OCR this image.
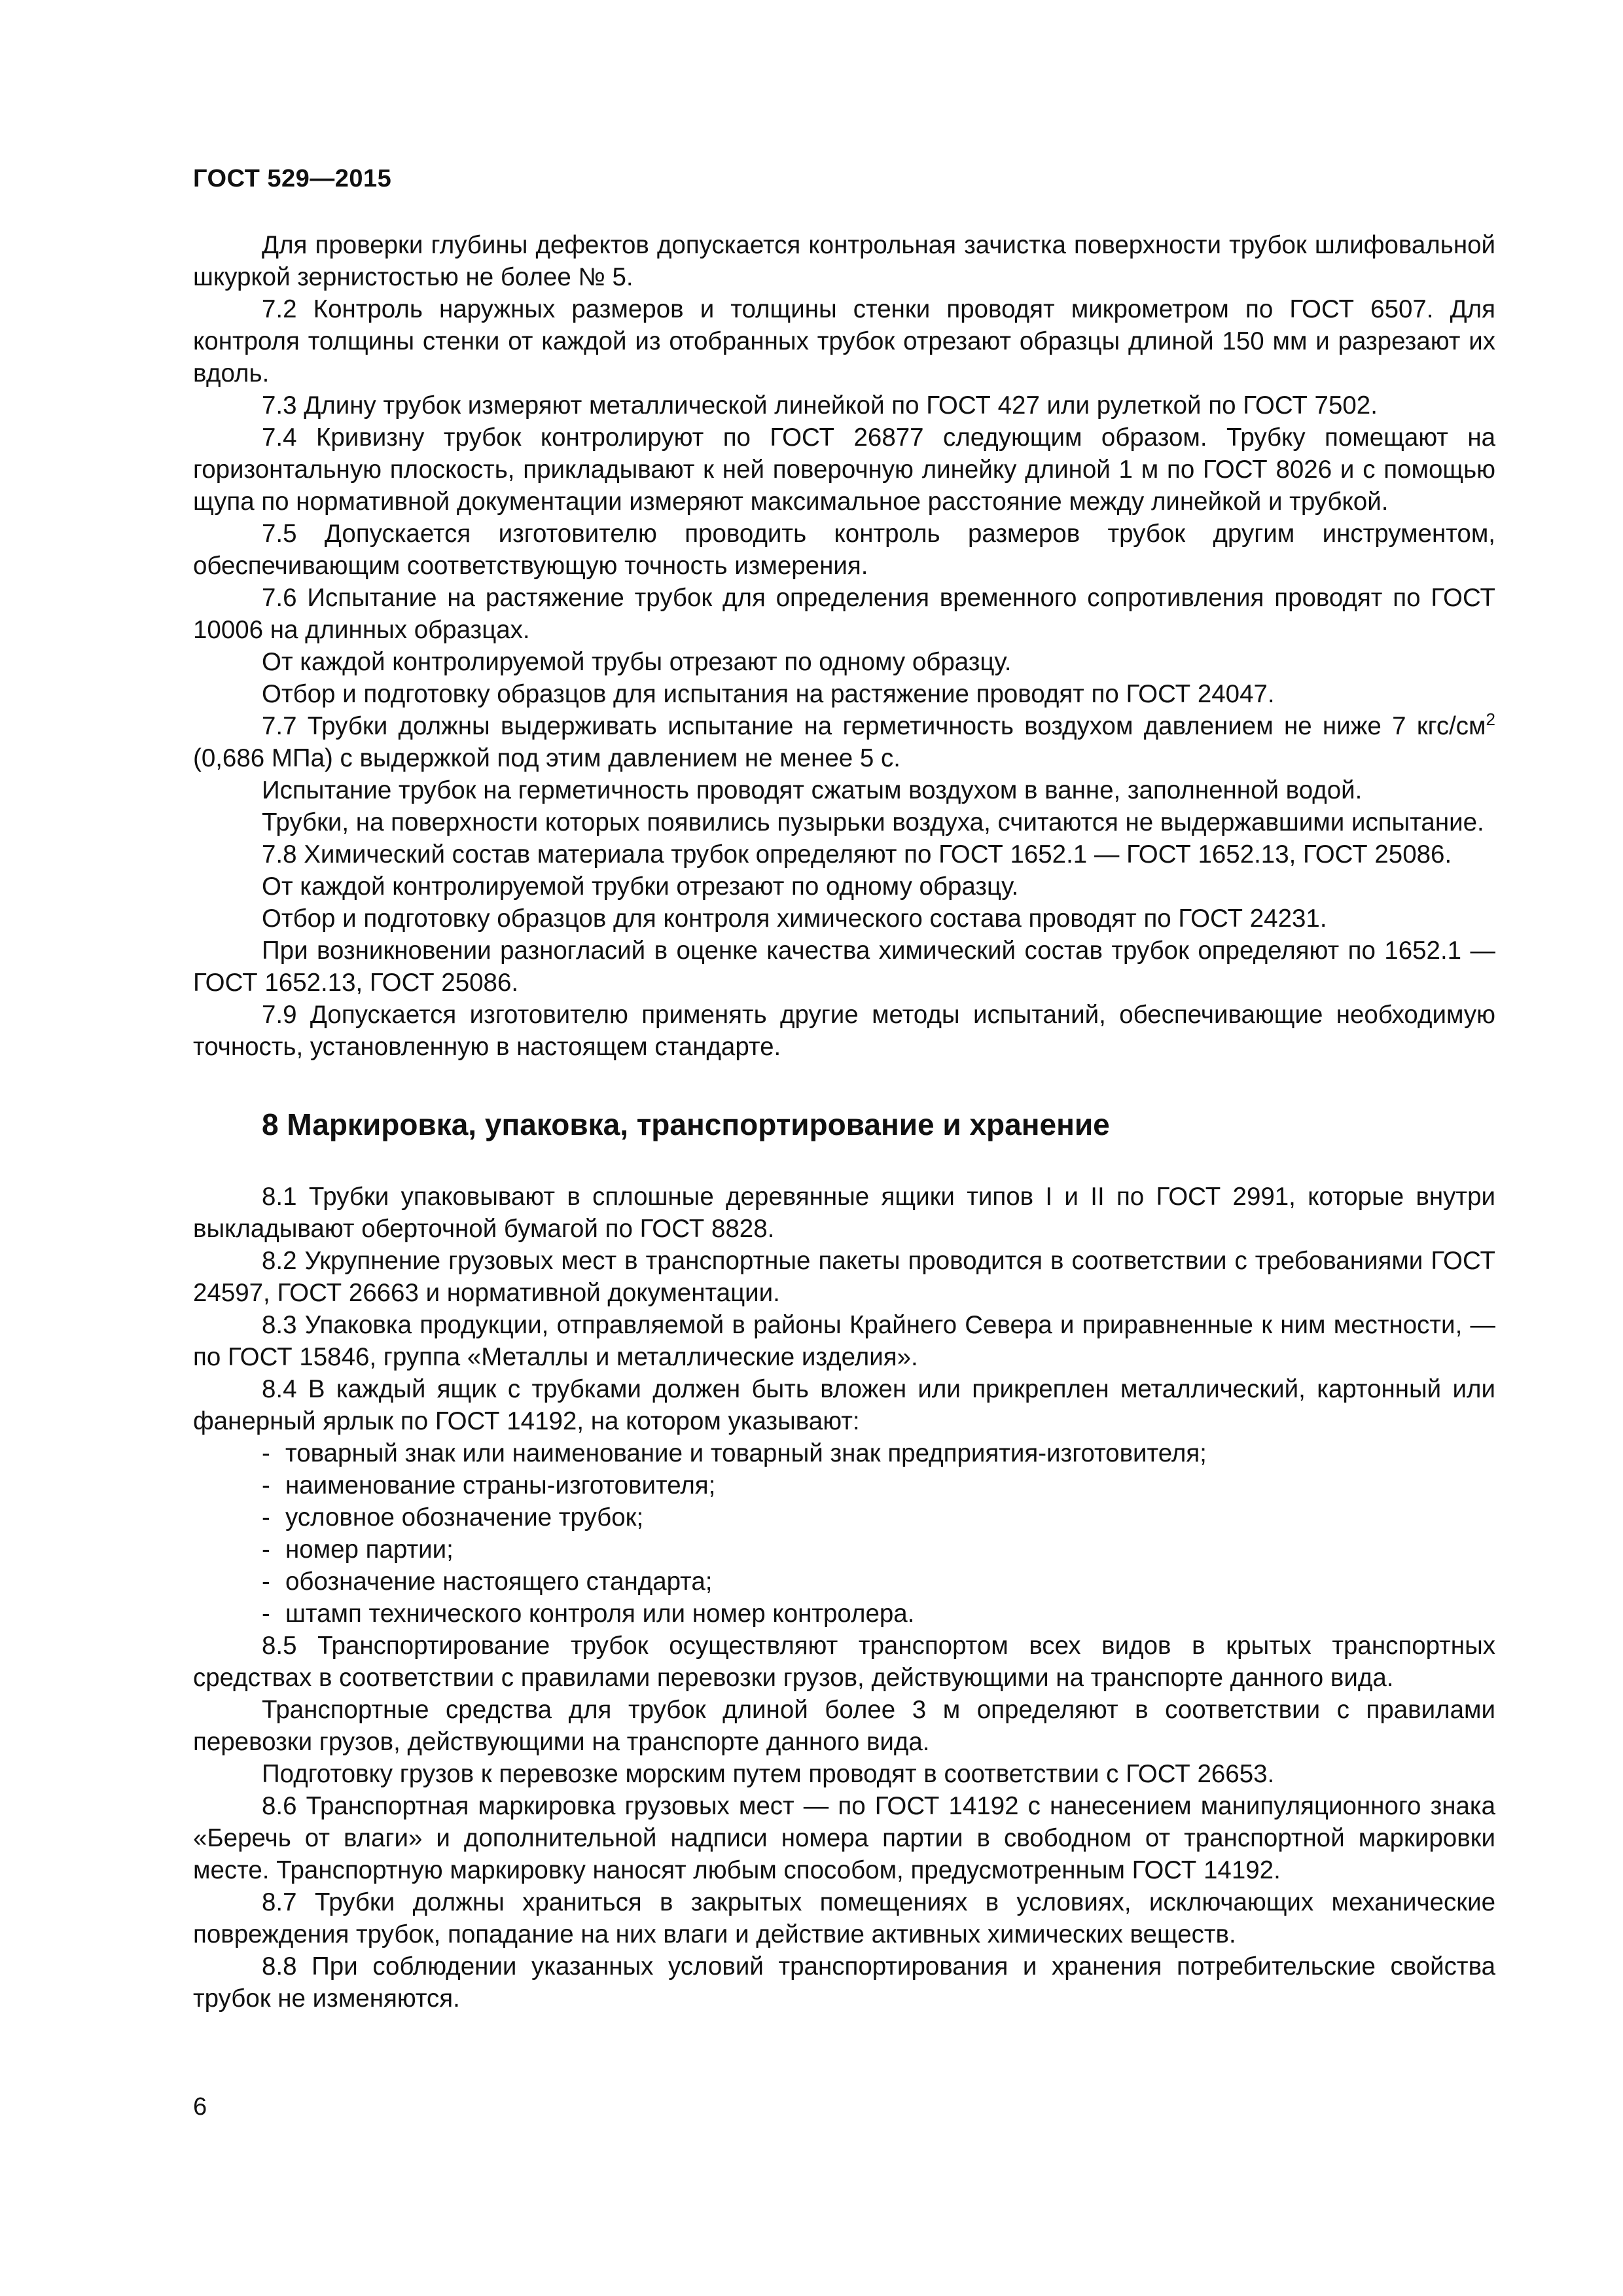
ГОСТ 529—2015

Для проверки глубины дефектов допускается контрольная зачистка поверхности трубок шлифовальной шкуркой зернистостью не более № 5.

7.2 Контроль наружных размеров и толщины стенки проводят микрометром по ГОСТ 6507. Для контроля толщины стенки от каждой из отобранных трубок отрезают образцы длиной 150 мм и разрезают их вдоль.

7.3 Длину трубок измеряют металлической линейкой по ГОСТ 427 или рулеткой по ГОСТ 7502.

7.4 Кривизну трубок контролируют по ГОСТ 26877 следующим образом. Трубку помещают на горизонтальную плоскость, прикладывают к ней поверочную линейку длиной 1 м по ГОСТ 8026 и с помощью щупа по нормативной документации измеряют максимальное расстояние между линейкой и трубкой.

7.5 Допускается изготовителю проводить контроль размеров трубок другим инструментом, обеспечивающим соответствующую точность измерения.

7.6 Испытание на растяжение трубок для определения временного сопротивления проводят по ГОСТ 10006 на длинных образцах.

От каждой контролируемой трубы отрезают по одному образцу.

Отбор и подготовку образцов для испытания на растяжение проводят по ГОСТ 24047.

7.7 Трубки должны выдерживать испытание на герметичность воздухом давлением не ниже 7 кгс/$см^2$ (0,686 МПа) с выдержкой под этим давлением не менее 5 с.

Испытание трубок на герметичность проводят сжатым воздухом в ванне, заполненной водой.

Трубки, на поверхности которых появились пузырьки воздуха, считаются не выдержавшими испытание.

7.8 Химический состав материала трубок определяют по ГОСТ 1652.1 — ГОСТ 1652.13, ГОСТ 25086.

От каждой контролируемой трубки отрезают по одному образцу.

Отбор и подготовку образцов для контроля химического состава проводят по ГОСТ 24231.

При возникновении разногласий в оценке качества химический состав трубок определяют по 1652.1 — ГОСТ 1652.13, ГОСТ 25086.

7.9 Допускается изготовителю применять другие методы испытаний, обеспечивающие необходимую точность, установленную в настоящем стандарте.

8 Маркировка, упаковка, транспортирование и хранение

8.1 Трубки упаковывают в сплошные деревянные ящики типов I и II по ГОСТ 2991, которые внутри выкладывают оберточной бумагой по ГОСТ 8828.

8.2 Укрупнение грузовых мест в транспортные пакеты проводится в соответствии с требованиями ГОСТ 24597, ГОСТ 26663 и нормативной документации.

8.3 Упаковка продукции, отправляемой в районы Крайнего Севера и приравненные к ним местности, — по ГОСТ 15846, группа «Металлы и металлические изделия».

8.4 В каждый ящик с трубками должен быть вложен или прикреплен металлический, картонный или фанерный ярлык по ГОСТ 14192, на котором указывают:

- товарный знак или наименование и товарный знак предприятия-изготовителя;

- наименование страны-изготовителя;

- условное обозначение трубок;

- номер партии;

- обозначение настоящего стандарта;

- штамп технического контроля или номер контролера.

8.5 Транспортирование трубок осуществляют транспортом всех видов в крытых транспортных средствах в соответствии с правилами перевозки грузов, действующими на транспорте данного вида.

Транспортные средства для трубок длиной более 3 м определяют в соответствии с правилами перевозки грузов, действующими на транспорте данного вида.

Подготовку грузов к перевозке морским путем проводят в соответствии с ГОСТ 26653.

8.6 Транспортная маркировка грузовых мест — по ГОСТ 14192 с нанесением манипуляционного знака «Беречь от влаги» и дополнительной надписи номера партии в свободном от транспортной маркировки месте. Транспортную маркировку наносят любым способом, предусмотренным ГОСТ 14192.

8.7 Трубки должны храниться в закрытых помещениях в условиях, исключающих механические повреждения трубок, попадание на них влаги и действие активных химических веществ.

8.8 При соблюдении указанных условий транспортирования и хранения потребительские свойства трубок не изменяются.

6
